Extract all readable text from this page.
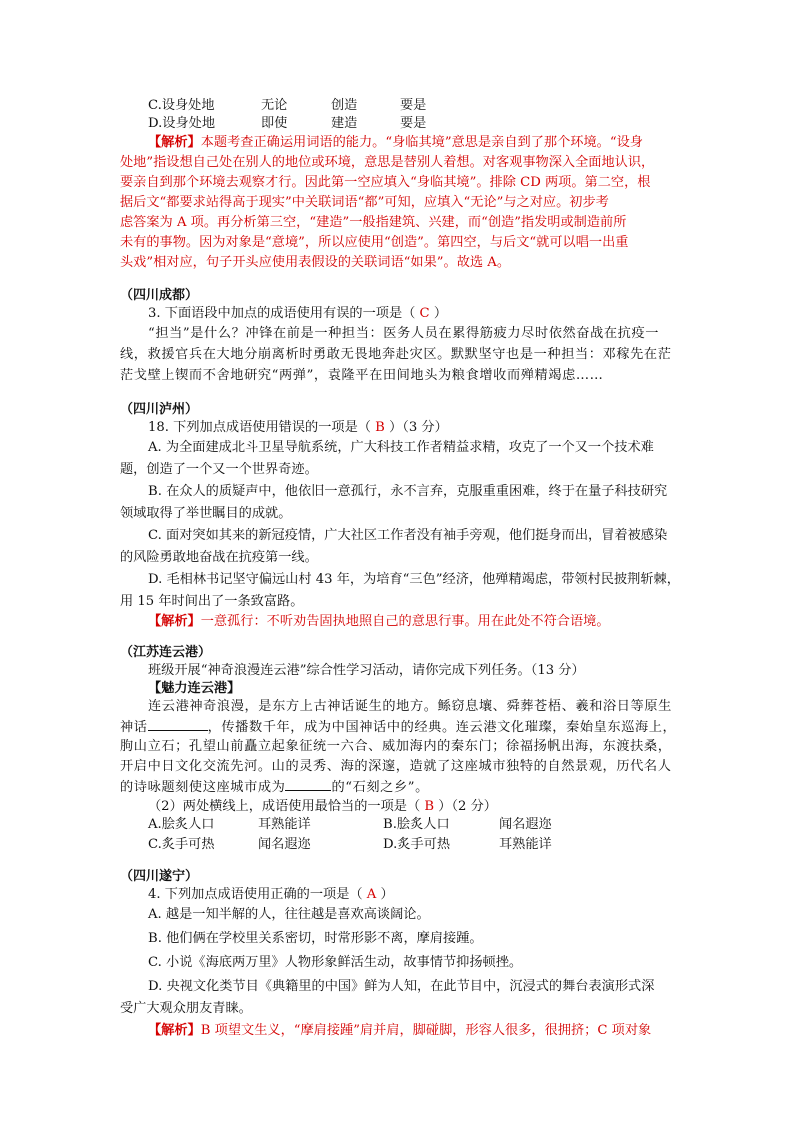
C.设身处地	无论	创造	要是
D.设身处地	即使	建造	要是
【解析】本题考查正确运用词语的能力。“身临其境”意思是亲自到了那个环境。“设身
处地”指设想自己处在别人的地位或环境，意思是替别人着想。对客观事物深入全面地认识，
要亲自到那个环境去观察才行。因此第一空应填入“身临其境”。排除 CD 两项。第二空，根
据后文“都要求站得高于现实”中关联词语“都”可知，应填入“无论”与之对应。初步考
虑答案为 A 项。再分析第三空，“建造”一般指建筑、兴建，而“创造”指发明或制造前所
未有的事物。因为对象是“意境”，所以应使用“创造”。第四空，与后文“就可以唱一出重
头戏”相对应，句子开头应使用表假设的关联词语“如果”。故选 A。
（四川成都）
3. 下面语段中加点的成语使用有误的一项是（ C ）
“担当”是什么？冲锋在前是一种担当：医务人员在累得筋疲力尽时依然奋战在抗疫一
线，救援官兵在大地分崩离析时勇敢无畏地奔赴灾区。默默坚守也是一种担当：邓稼先在茫
茫戈壁上锲而不舍地研究“两弹”，袁隆平在田间地头为粮食增收而殚精竭虑……
（四川泸州）
18. 下列加点成语使用错误的一项是（ B ）（3 分）
A. 为全面建成北斗卫星导航系统，广大科技工作者精益求精，攻克了一个又一个技术难
题，创造了一个又一个世界奇迹。
B. 在众人的质疑声中，他依旧一意孤行，永不言弃，克服重重困难，终于在量子科技研究
领域取得了举世瞩目的成就。
C. 面对突如其来的新冠疫情，广大社区工作者没有袖手旁观，他们挺身而出，冒着被感染
的风险勇敢地奋战在抗疫第一线。
D. 毛相林书记坚守偏远山村 43 年，为培育“三色”经济，他殚精竭虑，带领村民披荆斩棘，
用 15 年时间出了一条致富路。
【解析】一意孤行：不听劝告固执地照自己的意思行事。用在此处不符合语境。
（江苏连云港）
班级开展“神奇浪漫连云港”综合性学习活动，请你完成下列任务。（13 分）
【魅力连云港】
连云港神奇浪漫，是东方上古神话诞生的地方。鲧窃息壤、舜葬苍梧、羲和浴日等原生
神话	，传播数千年，成为中国神话中的经典。连云港文化璀璨，秦始皇东巡海上，
朐山立石；孔望山前矗立起象征统一六合、威加海内的秦东门；徐福扬帆出海，东渡扶桑，
开启中日文化交流先河。山的灵秀、海的深邃，造就了这座城市独特的自然景观，历代名人
的诗咏题刻使这座城市成为	的“石刻之乡”。
（2）两处横线上，成语使用最恰当的一项是（ B ）（2 分）
A.脍炙人口	耳熟能详	B.脍炙人口	闻名遐迩
C.炙手可热	闻名遐迩	D.炙手可热	耳熟能详
（四川遂宁）
4. 下列加点成语使用正确的一项是（ A ）
A. 越是一知半解的人，往往越是喜欢高谈阔论。
B. 他们俩在学校里关系密切，时常形影不离，摩肩接踵。
C. 小说《海底两万里》人物形象鲜活生动，故事情节抑扬顿挫。
D. 央视文化类节目《典籍里的中国》鲜为人知，在此节目中，沉浸式的舞台表演形式深
受广大观众朋友青睐。
【解析】B 项望文生义，“摩肩接踵”肩并肩，脚碰脚，形容人很多，很拥挤；C 项对象
